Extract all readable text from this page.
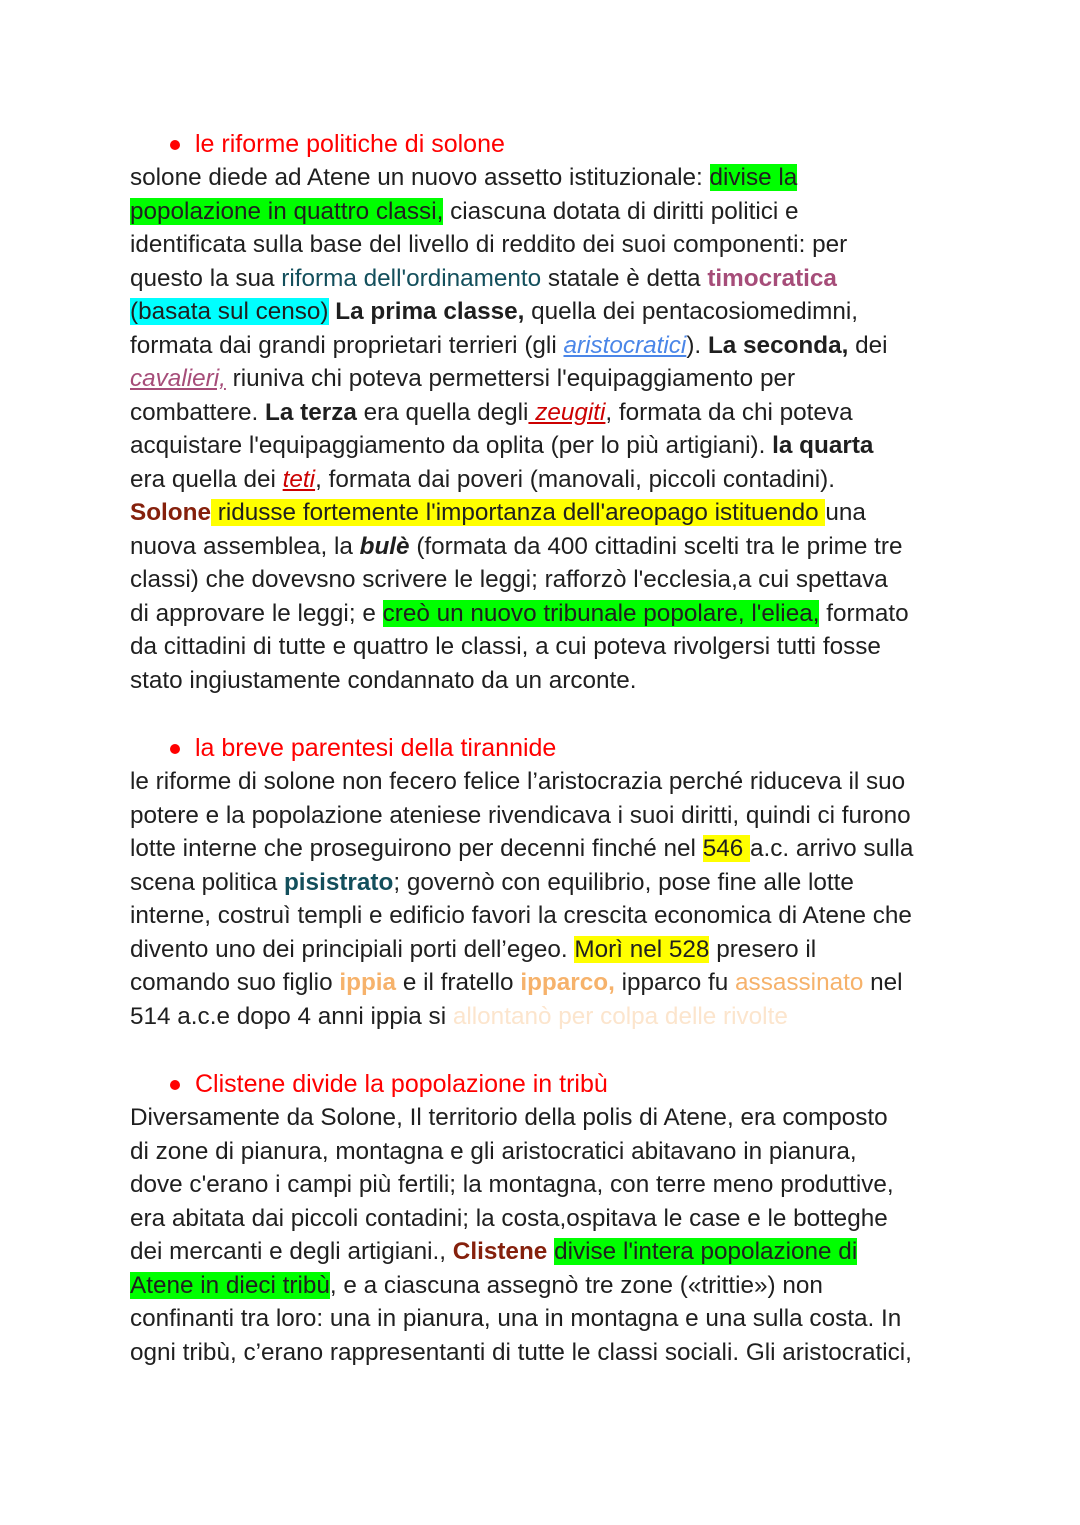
le riforme politiche di solone
solone diede ad Atene un nuovo assetto istituzionale: divise la
popolazione in quattro classi, ciascuna dotata di diritti politici e
identificata sulla base del livello di reddito dei suoi componenti: per
questo la sua riforma dell'ordinamento statale è detta timocratica
(basata sul censo) La prima classe, quella dei pentacosiomedimni,
formata dai grandi proprietari terrieri (gli aristocratici). La seconda, dei
cavalieri, riuniva chi poteva permettersi l'equipaggiamento per
combattere. La terza era quella degli zeugiti, formata da chi poteva
acquistare l'equipaggiamento da oplita (per lo più artigiani). la quarta
era quella dei teti, formata dai poveri (manovali, piccoli contadini).
Solone ridusse fortemente l'importanza dell'areopago istituendo una
nuova assemblea, la bulè (formata da 400 cittadini scelti tra le prime tre
classi) che dovevsno scrivere le leggi; rafforzò l'ecclesia,a cui spettava
di approvare le leggi; e creò un nuovo tribunale popolare, l'eliea, formato
da cittadini di tutte e quattro le classi, a cui poteva rivolgersi tutti fosse
stato ingiustamente condannato da un arconte.
la breve parentesi della tirannide
le riforme di solone non fecero felice l’aristocrazia perché riduceva il suo
potere e la popolazione ateniese rivendicava i suoi diritti, quindi ci furono
lotte interne che proseguirono per decenni finché nel 546 a.c. arrivo sulla
scena politica pisistrato; governò con equilibrio, pose fine alle lotte
interne, costruì templi e edificio favori la crescita economica di Atene che
divento uno dei principiali porti dell’egeo. Morì nel 528 presero il
comando suo figlio ippia e il fratello ipparco, ipparco fu assassinato nel
514 a.c.e dopo 4 anni ippia si allontanò per colpa delle rivolte
Clistene divide la popolazione in tribù
Diversamente da Solone, Il territorio della polis di Atene, era composto
di zone di pianura, montagna e gli aristocratici abitavano in pianura,
dove c'erano i campi più fertili; la montagna, con terre meno produttive,
era abitata dai piccoli contadini; la costa,ospitava le case e le botteghe
dei mercanti e degli artigiani., Clistene divise l'intera popolazione di
Atene in dieci tribù, e a ciascuna assegnò tre zone («trittie») non
confinanti tra loro: una in pianura, una in montagna e una sulla costa. In
ogni tribù, c’erano rappresentanti di tutte le classi sociali. Gli aristocratici,
